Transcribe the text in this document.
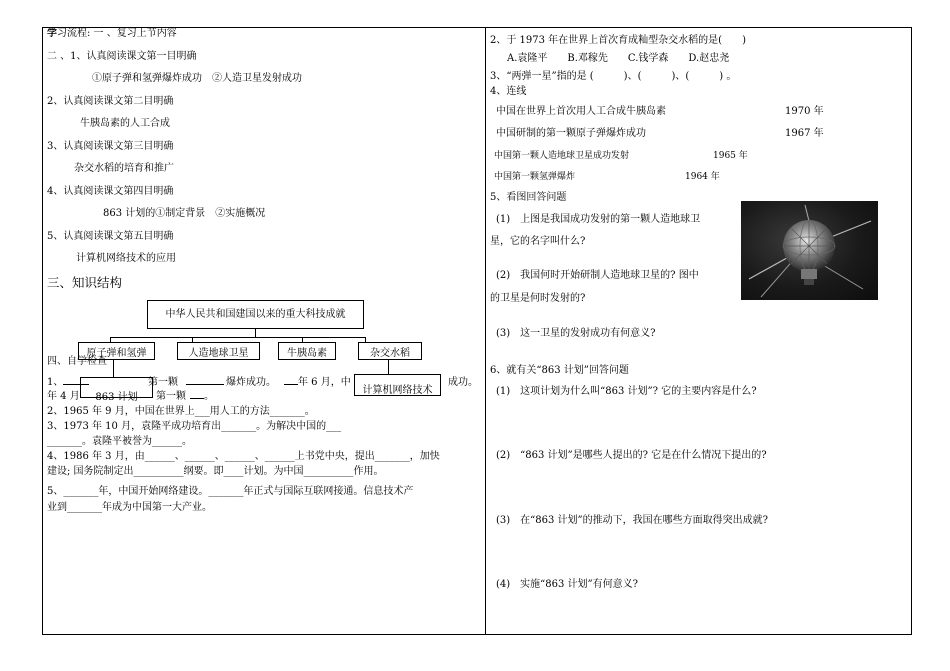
学习流程: 一 、复习上节内容
二 、1、认真阅读课文第一目明确
①原子弹和氢弹爆炸成功　②人造卫星发射成功
2、认真阅读课文第二目明确
牛胰岛素的人工合成
3、认真阅读课文第三目明确
杂交水稻的培育和推广
4、认真阅读课文第四目明确
863 计划的①制定背景　②实施概况
5、认真阅读课文第五目明确
计算机网络技术的应用
三、知识结构
中华人民共和国建国以来的重大科技成就
原子弹和氢弹	人造地球卫星	牛胰岛素	杂交水稻
863 计划
计算机网络技术
四、自学检查
1、	第一颗	爆炸成功。 年 6 月，中	成功。
年 4 月	第一颗 。
2、1965 年 9 月，中国在世界上___用人工的方法_______。
3、1973 年 10 月，袁隆平成功培育出_______。为解决中国的___
_______。袁隆平被誉为______。
4、1986 年 3 月，由______、______、______、______上书党中央，提出_______，加快
建设; 国务院制定出__________纲要。即____计划。为中国__________作用。
5、_______年，中国开始网络建设。_______年正式与国际互联网接通。信息技术产
业到_______年成为中国第一大产业。
2、于 1973 年在世界上首次育成籼型杂交水稻的是(　　)
A.袁隆平　　B.邓稼先　　C.钱学森　　D.赵忠尧
3、“两弹一星”指的是 (　　　)、(　　　)、(　　　) 。
4、连线
中国在世界上首次用人工合成牛胰岛素	1970 年
中国研制的第一颗原子弹爆炸成功	1967 年
中国第一颗人造地球卫星成功发射	1965 年
中国第一颗氢弹爆炸	1964 年
5、看图回答问题
(1)　上图是我国成功发射的第一颗人造地球卫
星，它的名字叫什么?
(2)　我国何时开始研制人造地球卫星的? 图中
的卫星是何时发射的?
(3)　这一卫星的发射成功有何意义?
6、就有关“863 计划”回答问题
(1)　这项计划为什么叫“863 计划”? 它的主要内容是什么?
(2)　“863 计划”是哪些人提出的? 它是在什么情况下提出的?
(3)　在“863 计划”的推动下，我国在哪些方面取得突出成就?
(4)　实施“863 计划”有何意义?
